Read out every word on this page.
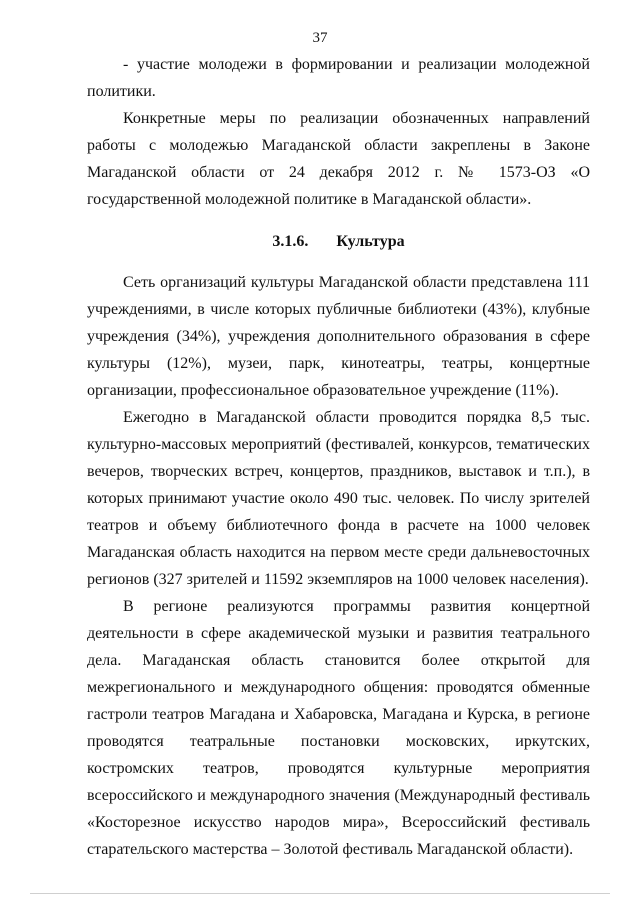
37

- участие молодежи в формировании и реализации молодежной политики.

Конкретные меры по реализации обозначенных направлений работы с молодежью Магаданской области закреплены в Законе Магаданской области от 24 декабря 2012 г. № 1573-ОЗ «О государственной молодежной политике в Магаданской области».

3.1.6. Культура

Сеть организаций культуры Магаданской области представлена 111 учреждениями, в числе которых публичные библиотеки (43%), клубные учреждения (34%), учреждения дополнительного образования в сфере культуры (12%), музеи, парк, кинотеатры, театры, концертные организации, профессиональное образовательное учреждение (11%).

Ежегодно в Магаданской области проводится порядка 8,5 тыс. культурно-массовых мероприятий (фестивалей, конкурсов, тематических вечеров, творческих встреч, концертов, праздников, выставок и т.п.), в которых принимают участие около 490 тыс. человек. По числу зрителей театров и объему библиотечного фонда в расчете на 1000 человек Магаданская область находится на первом месте среди дальневосточных регионов (327 зрителей и 11592 экземпляров на 1000 человек населения).

В регионе реализуются программы развития концертной деятельности в сфере академической музыки и развития театрального дела. Магаданская область становится более открытой для межрегионального и международного общения: проводятся обменные гастроли театров Магадана и Хабаровска, Магадана и Курска, в регионе проводятся театральные постановки московских, иркутских, костромских театров, проводятся культурные мероприятия всероссийского и международного значения (Международный фестиваль «Косторезное искусство народов мира», Всероссийский фестиваль старательского мастерства – Золотой фестиваль Магаданской области).
